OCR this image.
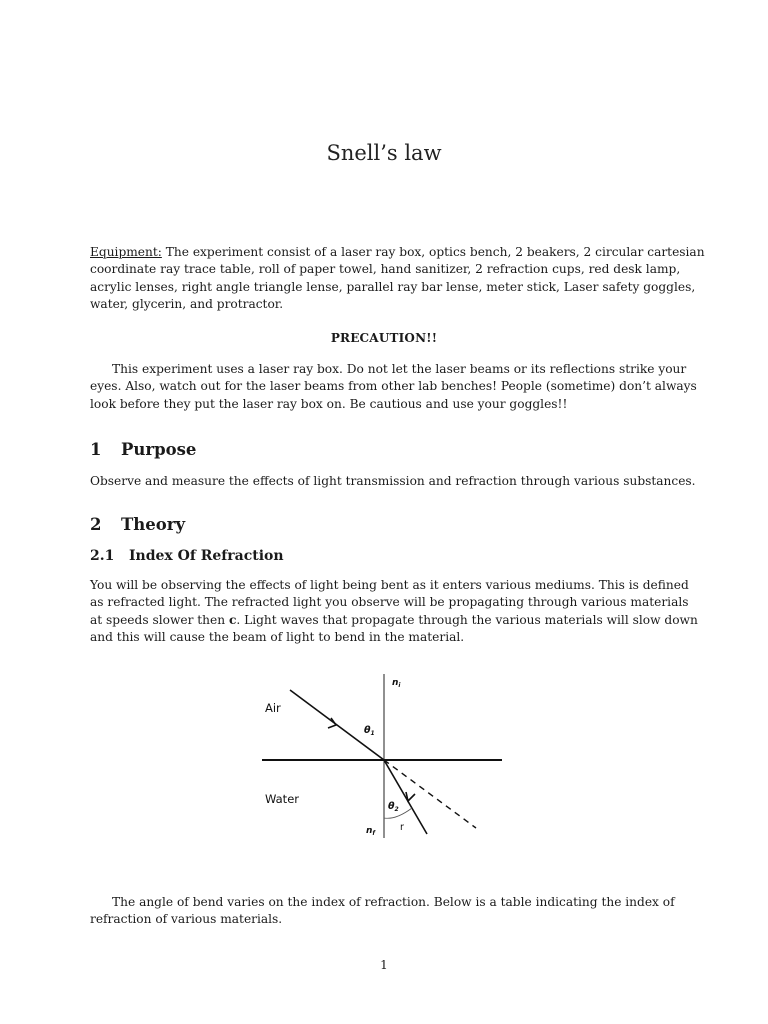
Snell’s law
Equipment: The experiment consist of a laser ray box, optics bench, 2 beakers, 2 circular cartesian
coordinate ray trace table, roll of paper towel, hand sanitizer, 2 refraction cups, red desk lamp,
acrylic lenses, right angle triangle lense, parallel ray bar lense, meter stick, Laser safety goggles,
water, glycerin, and protractor.
PRECAUTION!!
This experiment uses a laser ray box. Do not let the laser beams or its reflections strike your
eyes. Also, watch out for the laser beams from other lab benches! People (sometime) don’t always
look before they put the laser ray box on. Be cautious and use your goggles!!
1 Purpose
Observe and measure the effects of light transmission and refraction through various substances.
2 Theory
2.1 Index Of Refraction
You will be observing the effects of light being bent as it enters various mediums. This is defined
as refracted light. The refracted light you observe will be propagating through various materials
at speeds slower then c. Light waves that propagate through the various materials will slow down
and this will cause the beam of light to bend in the material.
Air
Water
$n_i$
$n_f$
$\theta_1$
$\theta_2$
r
The angle of bend varies on the index of refraction. Below is a table indicating the index of
refraction of various materials.
1
